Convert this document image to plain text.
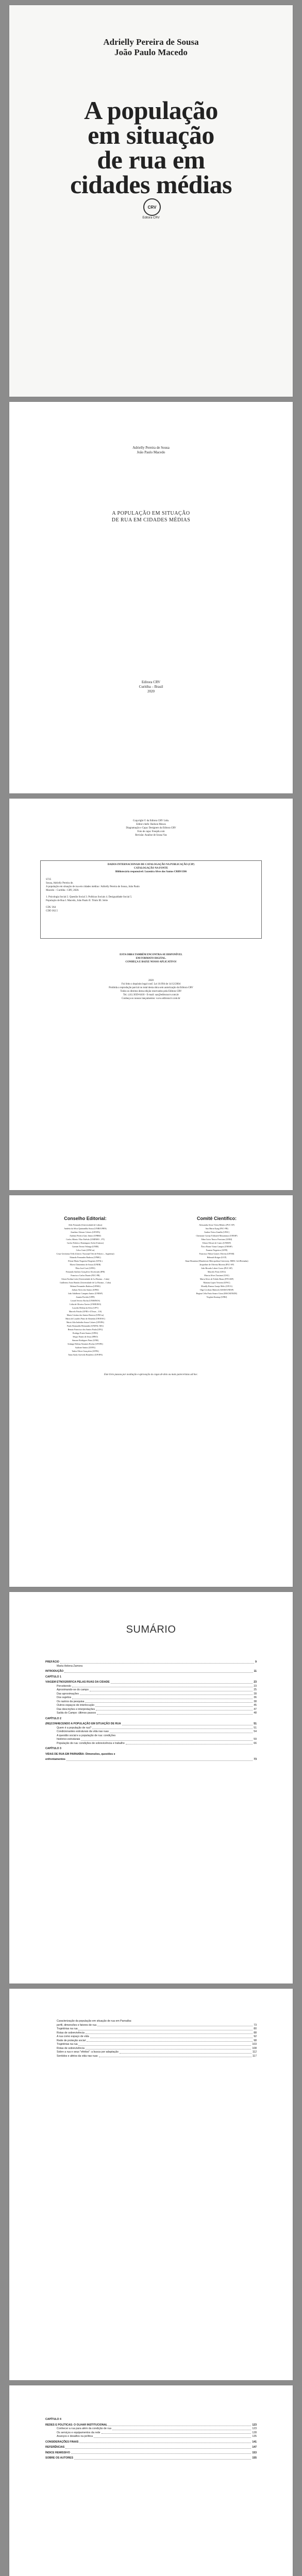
Adrielly Pereira de Sousa
João Paulo Macedo
A população
em situação
de rua em
cidades médias
CRV
Editora CRV
Adrielly Pereira de Sousa
João Paulo Macedo
A POPULAÇÃO EM SITUAÇÃO
DE RUA EM CIDADES MÉDIAS
Editora CRV
Curitiba – Brasil
2020
Copyright © da Editora CRV Ltda.
Editor-chefe: Railson Moura
Diagramação e Capa: Designers da Editora CRV
Foto de capa: Freepik.com
Revisão: Analise de Sousa Vaz
DADOS INTERNACIONAIS DE CATALOGAÇÃO NA PUBLICAÇÃO (CIP)
CATALOGAÇÃO NA FONTE
Bibliotecária responsável: Luzenira Alves dos Santos CRB9/1506
S725
Sousa, Adrielly Pereira de.
A população em situação de rua em cidades médias / Adrielly Pereira de Sousa, João Paulo
Macedo – Curitiba : CRV, 2020.
1. Psicologia Social 2. Questão Social 3. Políticas Sociais 4. Desigualdade Social 5.
População de Rua I. Macedo, João Paulo II. Título III. Série
CDU 364
CDD 362.5
ESTA OBRA TAMBÉM ENCONTRA-SE DISPONÍVEL
EM FORMATO DIGITAL.
CONHEÇA E BAIXE NOSSO APLICATIVO!
2020
Foi feito o depósito legal conf. Lei 10.994 de 14/12/2004
Proibida a reprodução parcial ou total desta obra sem autorização da Editora CRV
Todos os direitos desta edição reservados pela Editora CRV
Tel.: (41) 3039-6418 - E-mail: sac@editoracrv.com.br
Conheça os nossos lançamentos: www.editoracrv.com.br
Conselho Editorial:
Aldo Fernando (Universidade de Lisboa)
Andréia da Silva Quintanilha Sousa (UNIR/UFRN)
Anselmo Alencar Colares (UFOPA)
Antônio Pereira Gaio Júnior (UFRRJ)
Carlos Alberto Vilar Estêvão (UMINHO – PT)
Carlos Federico Dominguez Avila (Unieuro)
Carmen Tereza Velanga (UNIR)
Celso Conti (UFSCar)
Cesar Gerónimo Tello (Univer. Nacional Três de Febrero – Argentina)
Eduardo Fernandes Barbosa (UFMG)
Elione Maria Nogueira Diogenes (UFAL)
Elizeu Clementino de Souza (UNEB)
Élsio José Corá (UFFS)
Fernando Antônio Gonçalves Alcoforado (IPB)
Francisco Carlos Duarte (PUC-PR)
Gloria Fariñas León (Universidade de La Havana – Cuba)
Guillermo Arias Beatón (Universidade de La Havana – Cuba)
Helmut Fernandes Barbosa (UFMG)
Jailson Alves dos Santos (UFRJ)
João Adalberto Campato Junior (UNESP)
Josania Portela (UFPI)
Leonel Severo Rocha (UNISINOS)
Lídia de Oliveira Xavier (UNIEURO)
Lourdes Helena da Silva (UFV)
Marcelo Paixão (UFRJ e UTexas – US)
Maria Cristina dos Santos Bezerra (UFSCar)
Maria de Lourdes Pinto de Almeida (UNOESC)
Maria Lília Imbiriba Sousa Colares (UFOPA)
Paulo Romualdo Hernandes (UNIFAL-MG)
Renato Francisco dos Santos Paula (UFG)
Rodrigo Pratte-Santos (UFES)
Sérgio Nunes de Jesus (IFRO)
Simone Rodrigues Pinto (UNB)
Solange Helena Ximenes-Rocha (UFOPA)
Sydione Santos (UEPG)
Tadeu Oliver Gonçalves (UFPA)
Tania Suely Azevedo Brasileiro (UFOPA)
Comitê Científico:
Alessandra Sexto Vieira Ribeiro (PUC-SP)
Ana Maria Eyng (PUC-PR)
Andrea Vieira Zanella (UFSC)
Christiane Carrijo Eckhardt Mouammar (UNESP)
Edna Lúcia Tinoco Ponciano (UERJ)
Edson Olivari de Castro (UNESP)
Érico Bruno Viana Campos (UNESP)
Fauston Negreiros (UFPI)
Francisco Nilton Gomes Oliveira (UFSM)
Helmuth Krüger (UCP)
Ilana Mountian (Manchester Metropolitan University, MMU, Grã-Bretanha)
Jacqueline de Oliveira Moreira (PUC-SP)
João Ricardo Lebert Cozac (PUC-SP)
Marcelo Porto (UEG)
Marcia Alves Tassinari (USU)
Maria Alves de Toledo Bruns (FFCLRP)
Mariana Lopez Teixeira (UFSC)
Monilly Ramos Araujo Melo (UFCG)
Olga Ceciliato Mattioli (ASSIS/UNESP)
Regina Célia Faria Amaro Giora (MACKENZIE)
Virgínia Kastrup (UFRJ)
Este livro passou por avaliação e aprovação às cegas de dois ou mais pareceristas ad hoc.
SUMÁRIO
PREFÁCIO	9
Maria Helena Zamora
INTRODUÇÃO	11
CAPÍTULO 1
VIAGEM ETNOGRÁFICA PELAS RUAS DA CIDADE	23
Percebendo	23
Aproximando-se do campo	25
Das aproximações	28
Dos sujeitos	36
Os rastros da pesquisa	38
Outros espaços de interlocução	45
Das descrições e interpretações	47
Saída do Campo: últimos passos	48
CAPÍTULO 2
(RE)CONHECENDO A POPULAÇÃO EM SITUAÇÃO DE RUA	51
Quem é a população de rua?	51
Condicionantes estruturais da vida nas ruas	54
A questão social e a população de rua: condições
histórico-estruturais	59
População de rua: condições de sobrevivência e trabalho	66
CAPÍTULO 3
VIDAS DE RUA EM PARNAÍBA: Dimensões, questões e
enfrentamentos	73
Caracterização da população em situação de rua em Parnaíba:
perfil, dimensões e fatores de rua	73
Trajetórias na rua	80
Rotas de sobrevivência	88
A rua como espaço de vida	92
Rede de proteção social	98
Trajetórias na rua	103
Rotas de sobrevivência	108
Sobre a rua e seus "efeitos": a busca por adaptação	112
Sentidos e afetos da vida nas ruas	117
CAPÍTULO 4
REDES E POLÍTICAS: O OLHAR INSTITUCIONAL	123
Conhecer a rua para além da condição de rua	123
Os serviços e equipamentos da rede	128
Avanços e desafios na política	135
CONSIDERAÇÕES FINAIS	141
REFERÊNCIAS	147
ÍNDICE REMISSIVO	153
SOBRE OS AUTORES	155
